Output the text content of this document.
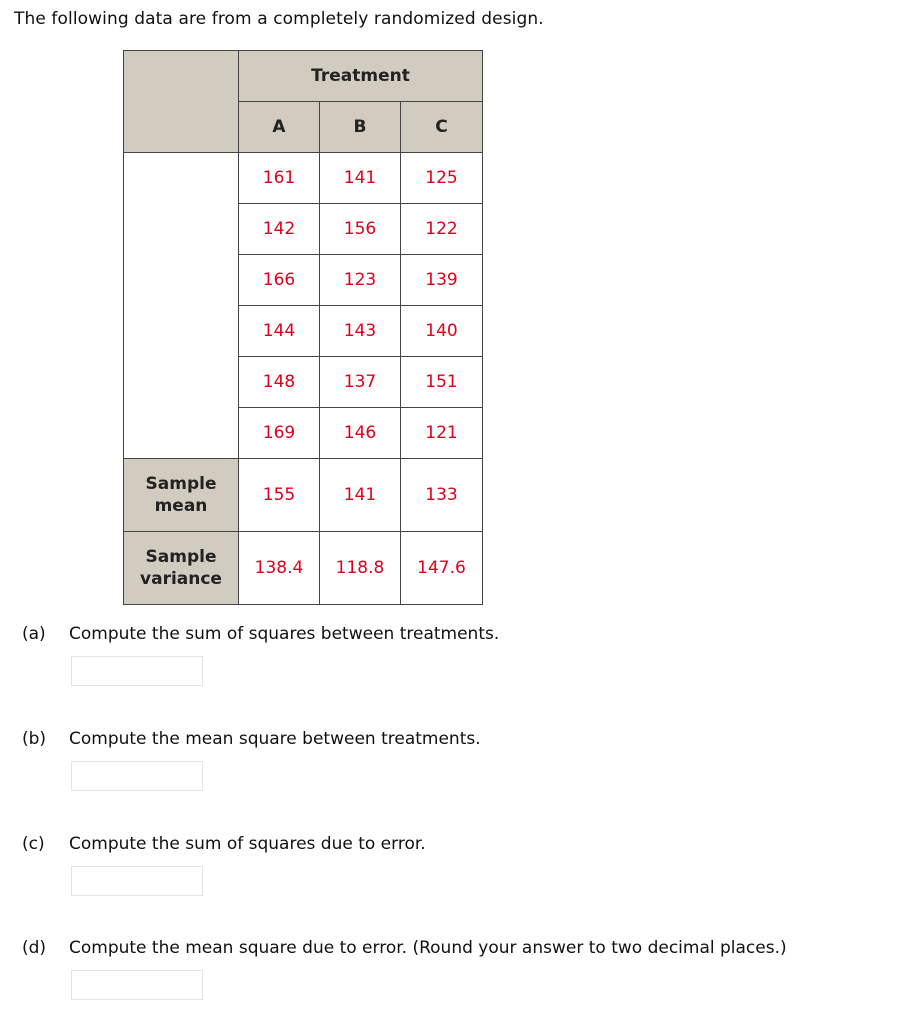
The following data are from a completely randomized design.

	Treatment		
	A	B	C
	161	141	125
	142	156	122
	166	123	139
	144	143	140
	148	137	151
	169	146	121
Sample
mean	155	141	133
Sample
variance	138.4	118.8	147.6

(a) Compute the sum of squares between treatments.

(b) Compute the mean square between treatments.

(c) Compute the sum of squares due to error.

(d) Compute the mean square due to error. (Round your answer to two decimal places.)
